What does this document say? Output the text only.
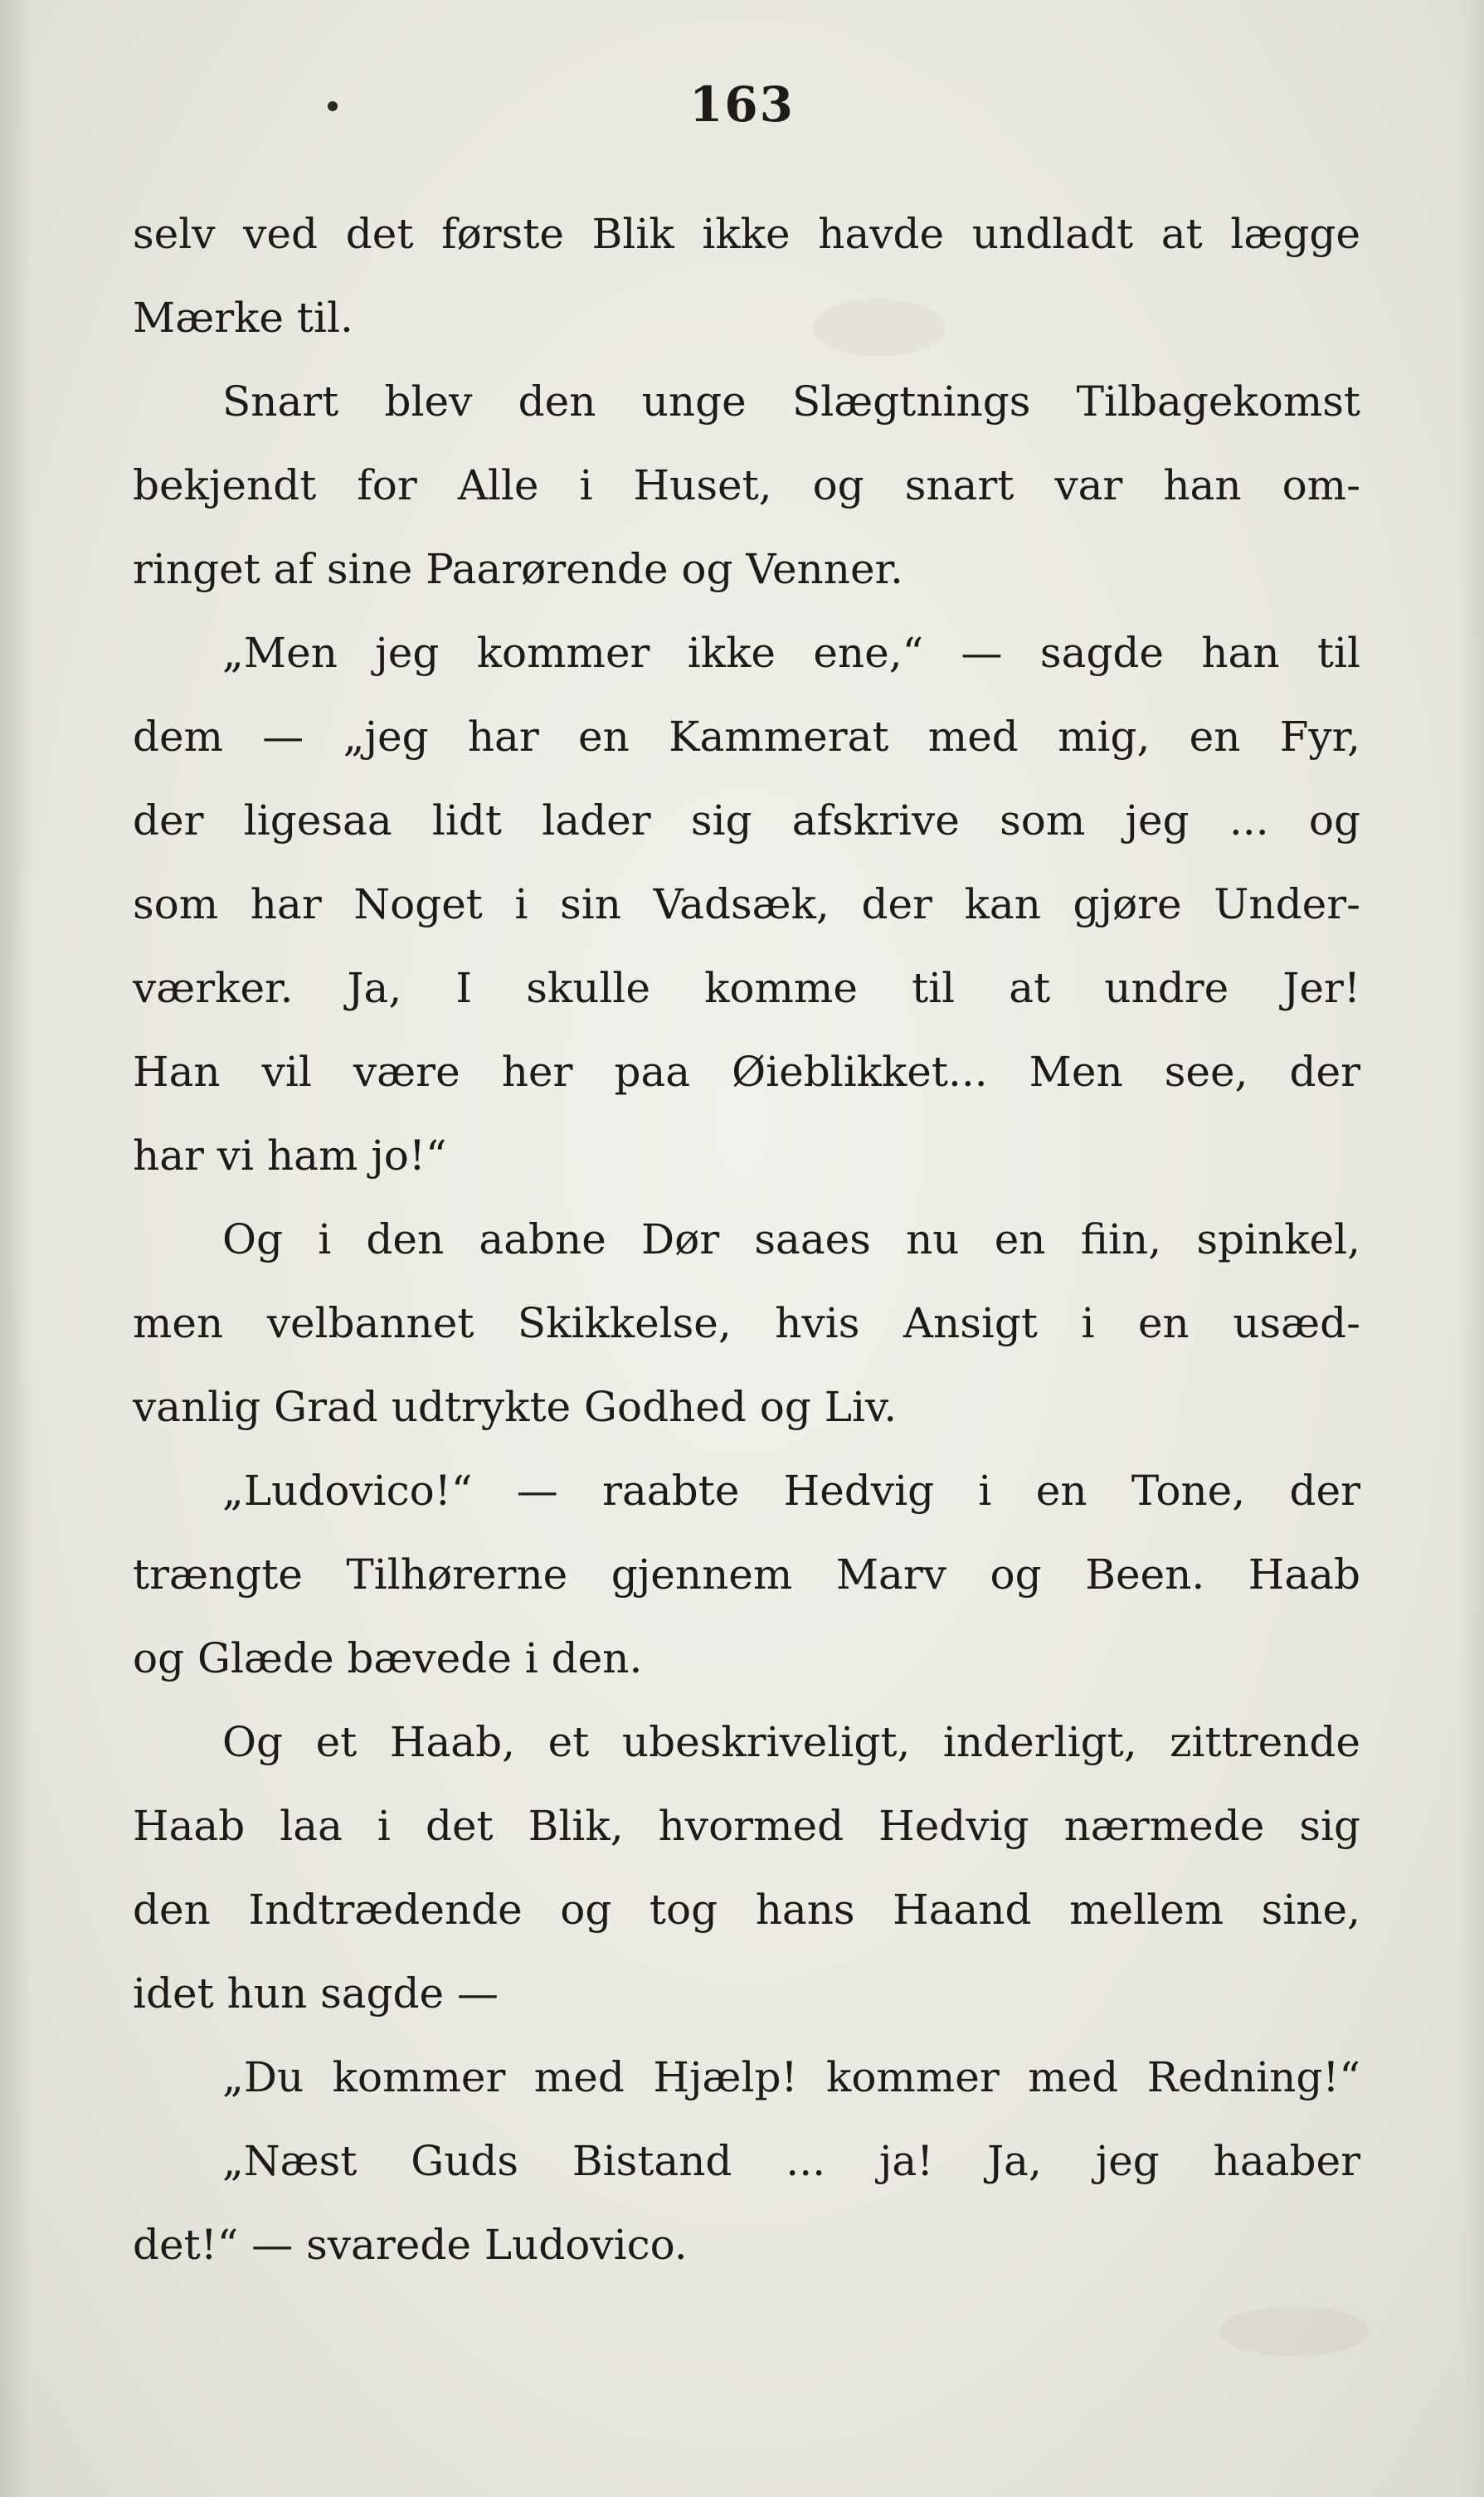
163
selv ved det første Blik ikke havde undladt at lægge
Mærke til.
Snart blev den unge Slægtnings Tilbagekomst
bekjendt for Alle i Huset, og snart var han om-
ringet af sine Paarørende og Venner.
„Men jeg kommer ikke ene,“ — sagde han til
dem — „jeg har en Kammerat med mig, en Fyr,
der ligesaa lidt lader sig afskrive som jeg ... og
som har Noget i sin Vadsæk, der kan gjøre Under-
værker. Ja, I skulle komme til at undre Jer!
Han vil være her paa Øieblikket... Men see, der
har vi ham jo!“
Og i den aabne Dør saaes nu en fiin, spinkel,
men velbannet Skikkelse, hvis Ansigt i en usæd-
vanlig Grad udtrykte Godhed og Liv.
„Ludovico!“ — raabte Hedvig i en Tone, der
trængte Tilhørerne gjennem Marv og Been. Haab
og Glæde bævede i den.
Og et Haab, et ubeskriveligt, inderligt, zittrende
Haab laa i det Blik, hvormed Hedvig nærmede sig
den Indtrædende og tog hans Haand mellem sine,
idet hun sagde —
„Du kommer med Hjælp! kommer med Redning!“
„Næst Guds Bistand ... ja! Ja, jeg haaber
det!“ — svarede Ludovico.
